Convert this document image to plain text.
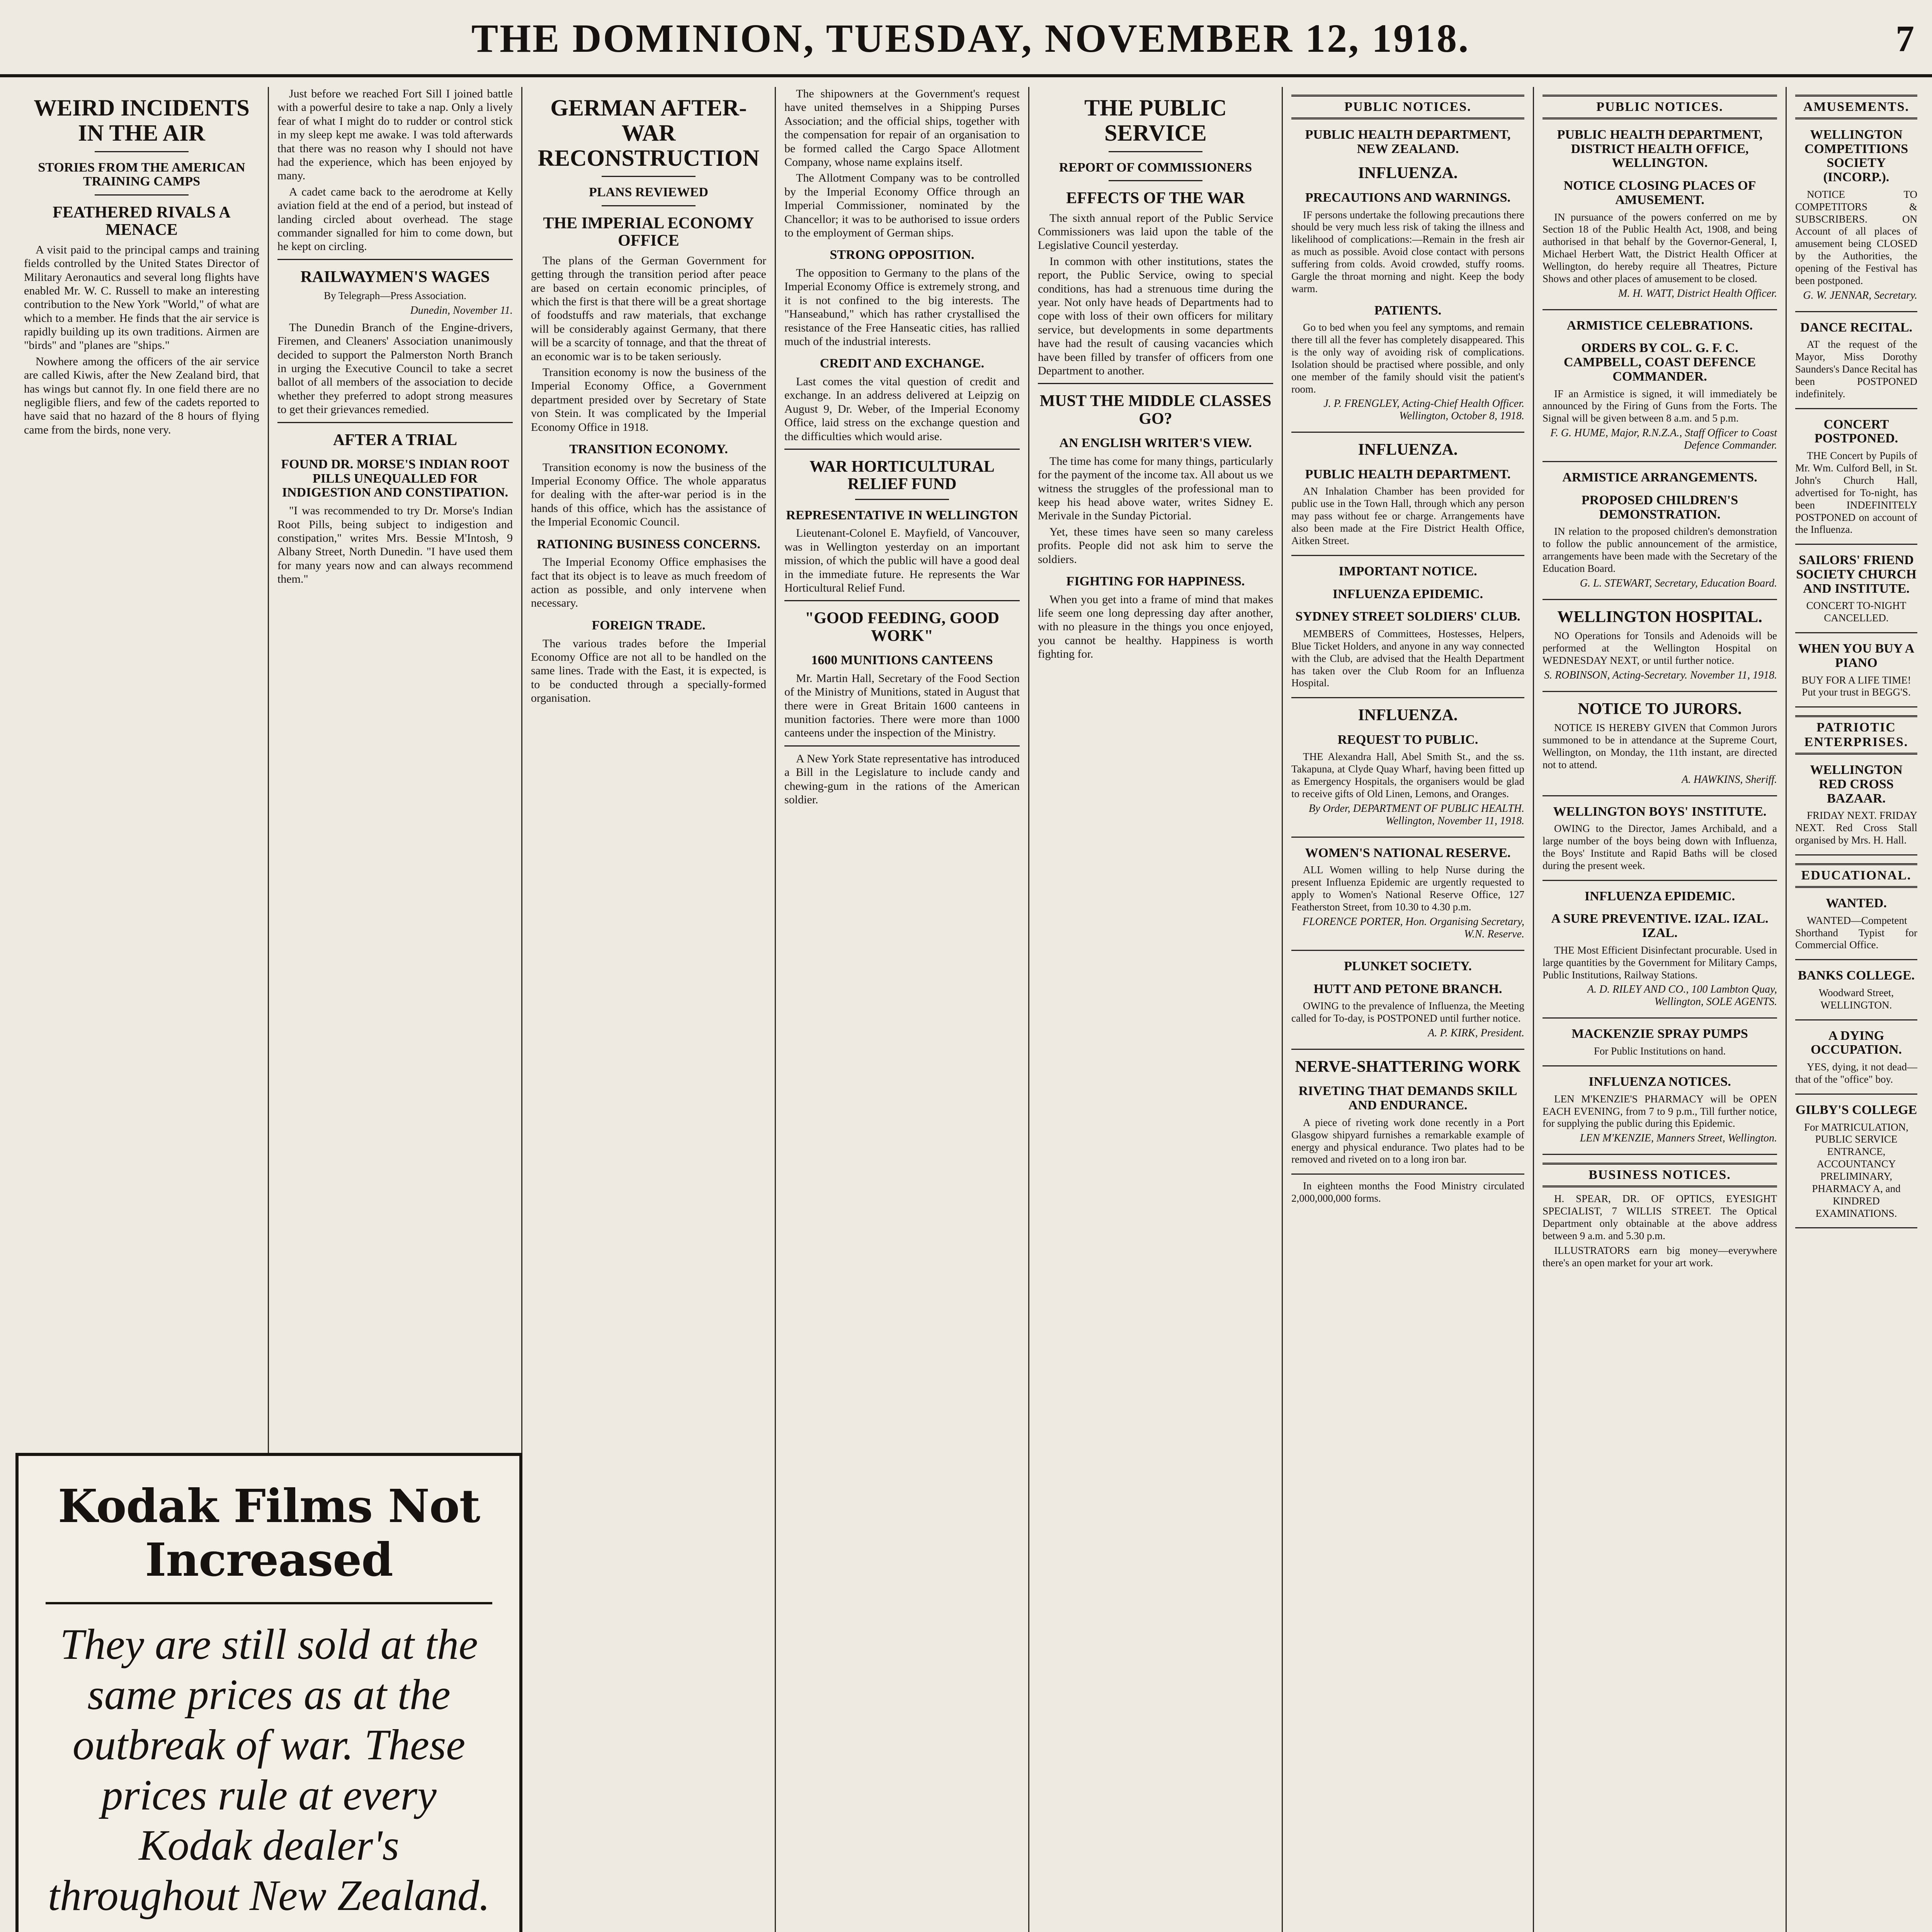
THE DOMINION, TUESDAY, NOVEMBER 12, 1918.	7
WEIRD INCIDENTS IN THE AIR
STORIES FROM THE AMERICAN TRAINING CAMPS
FEATHERED RIVALS A MENACE

A visit paid to the principal camps and training fields controlled by the United States Director of Military Aeronautics and several long flights have enabled Mr. W. C. Russell to make an interesting contribution to the New York "World," of what are which to a member. He finds that the air service is rapidly building up its own traditions. Airmen are "birds" and "planes are "ships."

Nowhere among the officers of the air service are called Kiwis, after the New Zealand bird, that has wings but cannot fly. In one field there are no negligible fliers, and few of the cadets reported to have said that no hazard of the 8 hours of flying came from the birds, none very.

Just before we reached Fort Sill I joined battle with a powerful desire to take a nap. Only a lively fear of what I might do to rudder or control stick in my sleep kept me awake. I was told afterwards that there was no reason why I should not have had the experience, which has been enjoyed by many.

A cadet came back to the aerodrome at Kelly aviation field at the end of a period, but instead of landing circled about overhead. The stage commander signalled for him to come down, but he kept on circling.

RAILWAYMEN'S WAGES

By Telegraph—Press Association.

Dunedin, November 11.

The Dunedin Branch of the Engine-drivers, Firemen, and Cleaners' Association unanimously decided to support the Palmerston North Branch in urging the Executive Council to take a secret ballot of all members of the association to decide whether they preferred to adopt strong measures to get their grievances remedied.

AFTER A TRIAL
FOUND DR. MORSE'S INDIAN ROOT PILLS UNEQUALLED FOR INDIGESTION AND CONSTIPATION.

"I was recommended to try Dr. Morse's Indian Root Pills, being subject to indigestion and constipation," writes Mrs. Bessie M'Intosh, 9 Albany Street, North Dunedin. "I have used them for many years now and can always recommend them."

GERMAN AFTER-WAR RECONSTRUCTION
PLANS REVIEWED
THE IMPERIAL ECONOMY OFFICE

The plans of the German Government for getting through the transition period after peace are based on certain economic principles, of which the first is that there will be a great shortage of foodstuffs and raw materials, that exchange will be considerably against Germany, that there will be a scarcity of tonnage, and that the threat of an economic war is to be taken seriously.

Transition economy is now the business of the Imperial Economy Office, a Government department presided over by Secretary of State von Stein. It was complicated by the Imperial Economy Office in 1918.

TRANSITION ECONOMY.

Transition economy is now the business of the Imperial Economy Office. The whole apparatus for dealing with the after-war period is in the hands of this office, which has the assistance of the Imperial Economic Council.

RATIONING BUSINESS CONCERNS.

The Imperial Economy Office emphasises the fact that its object is to leave as much freedom of action as possible, and only intervene when necessary.

FOREIGN TRADE.

The various trades before the Imperial Economy Office are not all to be handled on the same lines. Trade with the East, it is expected, is to be conducted through a specially-formed organisation.

The shipowners at the Government's request have united themselves in a Shipping Purses Association; and the official ships, together with the compensation for repair of an organisation to be formed called the Cargo Space Allotment Company, whose name explains itself.

The Allotment Company was to be controlled by the Imperial Economy Office through an Imperial Commissioner, nominated by the Chancellor; it was to be authorised to issue orders to the employment of German ships.

STRONG OPPOSITION.

The opposition to Germany to the plans of the Imperial Economy Office is extremely strong, and it is not confined to the big interests. The "Hanseabund," which has rather crystallised the resistance of the Free Hanseatic cities, has rallied much of the industrial interests.

CREDIT AND EXCHANGE.

Last comes the vital question of credit and exchange. In an address delivered at Leipzig on August 9, Dr. Weber, of the Imperial Economy Office, laid stress on the exchange question and the difficulties which would arise.

WAR HORTICULTURAL RELIEF FUND
REPRESENTATIVE IN WELLINGTON

Lieutenant-Colonel E. Mayfield, of Vancouver, was in Wellington yesterday on an important mission, of which the public will have a good deal in the immediate future. He represents the War Horticultural Relief Fund.

"GOOD FEEDING, GOOD WORK"
1600 MUNITIONS CANTEENS

Mr. Martin Hall, Secretary of the Food Section of the Ministry of Munitions, stated in August that there were in Great Britain 1600 canteens in munition factories. There were more than 1000 canteens under the inspection of the Ministry.

A New York State representative has introduced a Bill in the Legislature to include candy and chewing-gum in the rations of the American soldier.

THE PUBLIC SERVICE
REPORT OF COMMISSIONERS
EFFECTS OF THE WAR

The sixth annual report of the Public Service Commissioners was laid upon the table of the Legislative Council yesterday.

In common with other institutions, states the report, the Public Service, owing to special conditions, has had a strenuous time during the year. Not only have heads of Departments had to cope with loss of their own officers for military service, but developments in some departments have had the result of causing vacancies which have been filled by transfer of officers from one Department to another.

MUST THE MIDDLE CLASSES GO?
AN ENGLISH WRITER'S VIEW.

The time has come for many things, particularly for the payment of the income tax. All about us we witness the struggles of the professional man to keep his head above water, writes Sidney E. Merivale in the Sunday Pictorial.

Yet, these times have seen so many careless profits. People did not ask him to serve the soldiers.

FIGHTING FOR HAPPINESS.

When you get into a frame of mind that makes life seem one long depressing day after another, with no pleasure in the things you once enjoyed, you cannot be healthy. Happiness is worth fighting for.

PUBLIC NOTICES.
PUBLIC HEALTH DEPARTMENT, NEW ZEALAND.
INFLUENZA.
PRECAUTIONS AND WARNINGS.

IF persons undertake the following precautions there should be very much less risk of taking the illness and likelihood of complications:—Remain in the fresh air as much as possible. Avoid close contact with persons suffering from colds. Avoid crowded, stuffy rooms. Gargle the throat morning and night. Keep the body warm.

PATIENTS.

Go to bed when you feel any symptoms, and remain there till all the fever has completely disappeared. This is the only way of avoiding risk of complications. Isolation should be practised where possible, and only one member of the family should visit the patient's room.

J. P. FRENGLEY, Acting-Chief Health Officer. Wellington, October 8, 1918.

INFLUENZA.
PUBLIC HEALTH DEPARTMENT.

AN Inhalation Chamber has been provided for public use in the Town Hall, through which any person may pass without fee or charge. Arrangements have also been made at the Fire District Health Office, Aitken Street.

IMPORTANT NOTICE.
INFLUENZA EPIDEMIC.
SYDNEY STREET SOLDIERS' CLUB.

MEMBERS of Committees, Hostesses, Helpers, Blue Ticket Holders, and anyone in any way connected with the Club, are advised that the Health Department has taken over the Club Room for an Influenza Hospital.

INFLUENZA.
REQUEST TO PUBLIC.

THE Alexandra Hall, Abel Smith St., and the ss. Takapuna, at Clyde Quay Wharf, having been fitted up as Emergency Hospitals, the organisers would be glad to receive gifts of Old Linen, Lemons, and Oranges.

By Order, DEPARTMENT OF PUBLIC HEALTH. Wellington, November 11, 1918.

WOMEN'S NATIONAL RESERVE.

ALL Women willing to help Nurse during the present Influenza Epidemic are urgently requested to apply to Women's National Reserve Office, 127 Featherston Street, from 10.30 to 4.30 p.m.

FLORENCE PORTER, Hon. Organising Secretary, W.N. Reserve.

PLUNKET SOCIETY.
HUTT AND PETONE BRANCH.

OWING to the prevalence of Influenza, the Meeting called for To-day, is POSTPONED until further notice.

A. P. KIRK, President.

NERVE-SHATTERING WORK
RIVETING THAT DEMANDS SKILL AND ENDURANCE.

A piece of riveting work done recently in a Port Glasgow shipyard furnishes a remarkable example of energy and physical endurance. Two plates had to be removed and riveted on to a long iron bar.

In eighteen months the Food Ministry circulated 2,000,000,000 forms.

PUBLIC NOTICES.
PUBLIC HEALTH DEPARTMENT, DISTRICT HEALTH OFFICE, WELLINGTON.
NOTICE CLOSING PLACES OF AMUSEMENT.

IN pursuance of the powers conferred on me by Section 18 of the Public Health Act, 1908, and being authorised in that behalf by the Governor-General, I, Michael Herbert Watt, the District Health Officer at Wellington, do hereby require all Theatres, Picture Shows and other places of amusement to be closed.

M. H. WATT, District Health Officer.

ARMISTICE CELEBRATIONS.
ORDERS BY COL. G. F. C. CAMPBELL, COAST DEFENCE COMMANDER.

IF an Armistice is signed, it will immediately be announced by the Firing of Guns from the Forts. The Signal will be given between 8 a.m. and 5 p.m.

F. G. HUME, Major, R.N.Z.A., Staff Officer to Coast Defence Commander.

ARMISTICE ARRANGEMENTS.
PROPOSED CHILDREN'S DEMONSTRATION.

IN relation to the proposed children's demonstration to follow the public announcement of the armistice, arrangements have been made with the Secretary of the Education Board.

G. L. STEWART, Secretary, Education Board.

WELLINGTON HOSPITAL.

NO Operations for Tonsils and Adenoids will be performed at the Wellington Hospital on WEDNESDAY NEXT, or until further notice.

S. ROBINSON, Acting-Secretary. November 11, 1918.

NOTICE TO JURORS.

NOTICE IS HEREBY GIVEN that Common Jurors summoned to be in attendance at the Supreme Court, Wellington, on Monday, the 11th instant, are directed not to attend.

A. HAWKINS, Sheriff.

WELLINGTON BOYS' INSTITUTE.

OWING to the Director, James Archibald, and a large number of the boys being down with Influenza, the Boys' Institute and Rapid Baths will be closed during the present week.

INFLUENZA EPIDEMIC.
A SURE PREVENTIVE. IZAL. IZAL. IZAL.

THE Most Efficient Disinfectant procurable. Used in large quantities by the Government for Military Camps, Public Institutions, Railway Stations.

A. D. RILEY AND CO., 100 Lambton Quay, Wellington, SOLE AGENTS.

MACKENZIE SPRAY PUMPS

For Public Institutions on hand.

INFLUENZA NOTICES.

LEN M'KENZIE'S PHARMACY will be OPEN EACH EVENING, from 7 to 9 p.m., Till further notice, for supplying the public during this Epidemic.

LEN M'KENZIE, Manners Street, Wellington.

BUSINESS NOTICES.

H. SPEAR, DR. OF OPTICS, EYESIGHT SPECIALIST, 7 WILLIS STREET. The Optical Department only obtainable at the above address between 9 a.m. and 5.30 p.m.

ILLUSTRATORS earn big money—everywhere there's an open market for your art work.

AMUSEMENTS.
WELLINGTON COMPETITIONS SOCIETY (INCORP.).

NOTICE TO COMPETITORS & SUBSCRIBERS. ON Account of all places of amusement being CLOSED by the Authorities, the opening of the Festival has been postponed.

G. W. JENNAR, Secretary.

DANCE RECITAL.

AT the request of the Mayor, Miss Dorothy Saunders's Dance Recital has been POSTPONED indefinitely.

CONCERT POSTPONED.

THE Concert by Pupils of Mr. Wm. Culford Bell, in St. John's Church Hall, advertised for To-night, has been INDEFINITELY POSTPONED on account of the Influenza.

SAILORS' FRIEND SOCIETY CHURCH AND INSTITUTE.

CONCERT TO-NIGHT CANCELLED.

WHEN YOU BUY A PIANO

BUY FOR A LIFE TIME! Put your trust in BEGG'S.

PATRIOTIC ENTERPRISES.
WELLINGTON RED CROSS BAZAAR.

FRIDAY NEXT. FRIDAY NEXT. Red Cross Stall organised by Mrs. H. Hall.

EDUCATIONAL.
WANTED.

WANTED—Competent Shorthand Typist for Commercial Office.

BANKS COLLEGE.

Woodward Street, WELLINGTON.

A DYING OCCUPATION.

YES, dying, it not dead—that of the "office" boy.

GILBY'S COLLEGE

For MATRICULATION, PUBLIC SERVICE ENTRANCE, ACCOUNTANCY PRELIMINARY, PHARMACY A, and KINDRED EXAMINATIONS.

Kodak Films Not Increased
They are still sold at the same prices as at the outbreak of war. These prices rule at every Kodak dealer's throughout New Zealand.
